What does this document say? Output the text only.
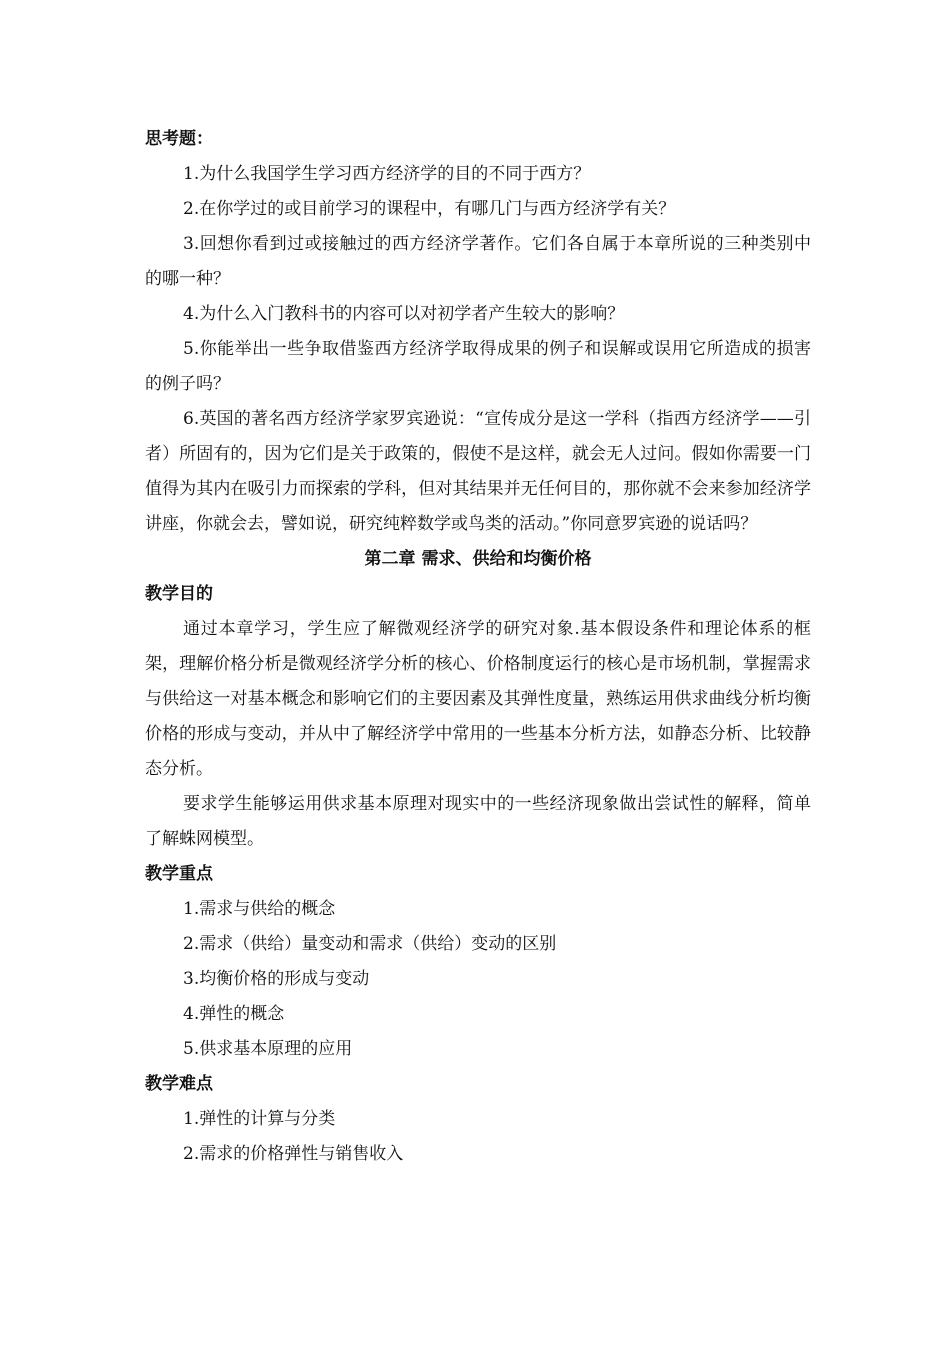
思考题：
1.为什么我国学生学习西方经济学的目的不同于西方？
2.在你学过的或目前学习的课程中，有哪几门与西方经济学有关？
3.回想你看到过或接触过的西方经济学著作。它们各自属于本章所说的三种类别中的哪一种？
4.为什么入门教科书的内容可以对初学者产生较大的影响？
5.你能举出一些争取借鉴西方经济学取得成果的例子和误解或误用它所造成的损害的例子吗？
6.英国的著名西方经济学家罗宾逊说：“宣传成分是这一学科（指西方经济学——引者）所固有的，因为它们是关于政策的，假使不是这样，就会无人过问。假如你需要一门值得为其内在吸引力而探索的学科，但对其结果并无任何目的，那你就不会来参加经济学讲座，你就会去，譬如说，研究纯粹数学或鸟类的活动。”你同意罗宾逊的说话吗？
第二章 需求、供给和均衡价格
教学目的
通过本章学习，学生应了解微观经济学的研究对象.基本假设条件和理论体系的框架，理解价格分析是微观经济学分析的核心、价格制度运行的核心是市场机制，掌握需求与供给这一对基本概念和影响它们的主要因素及其弹性度量，熟练运用供求曲线分析均衡价格的形成与变动，并从中了解经济学中常用的一些基本分析方法，如静态分析、比较静态分析。
要求学生能够运用供求基本原理对现实中的一些经济现象做出尝试性的解释，简单了解蛛网模型。
教学重点
1.需求与供给的概念
2.需求（供给）量变动和需求（供给）变动的区别
3.均衡价格的形成与变动
4.弹性的概念
5.供求基本原理的应用
教学难点
1.弹性的计算与分类
2.需求的价格弹性与销售收入
